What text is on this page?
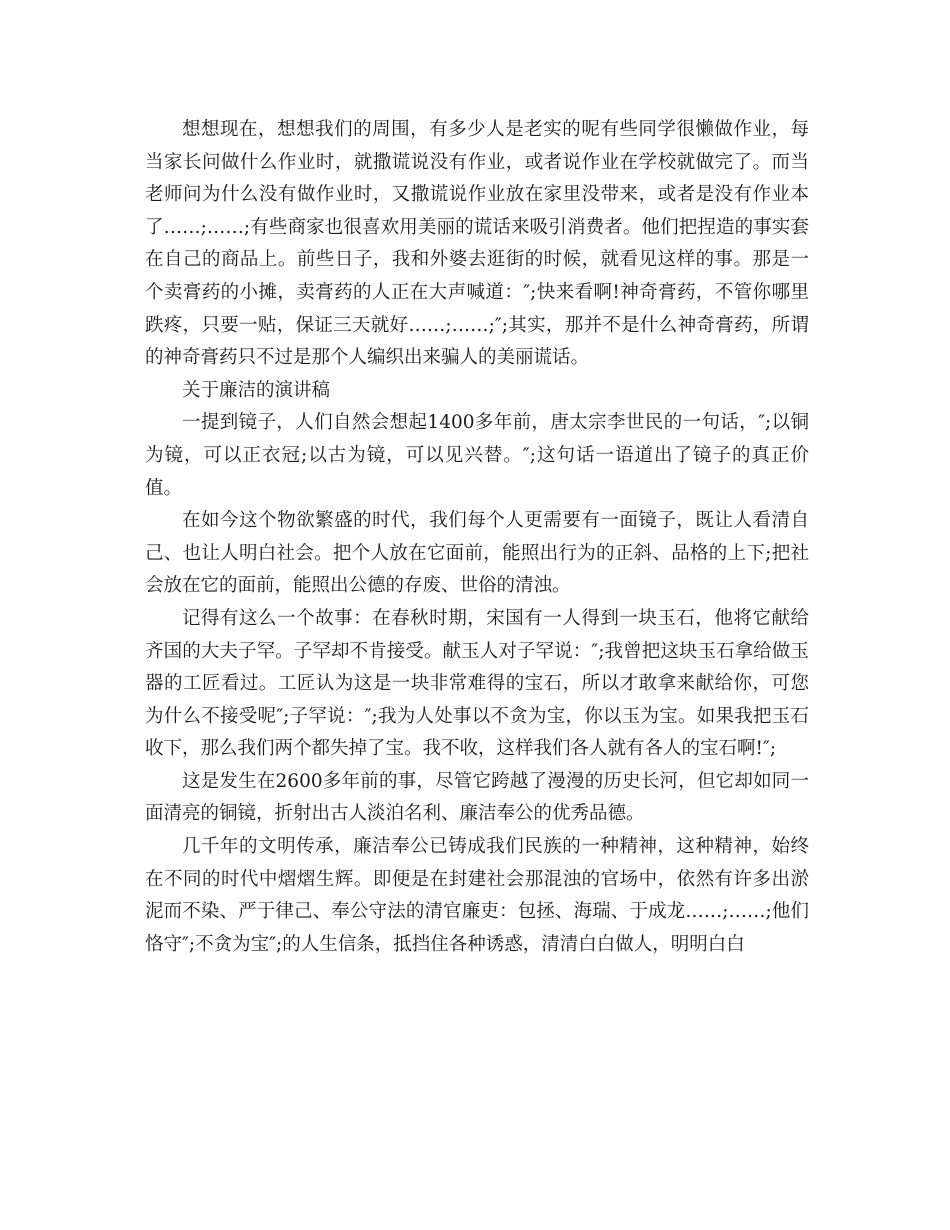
想想现在，想想我们的周围，有多少人是老实的呢有些同学很懒做作业，每当家长问做什么作业时，就撒谎说没有作业，或者说作业在学校就做完了。而当老师问为什么没有做作业时，又撒谎说作业放在家里没带来，或者是没有作业本了……;……;有些商家也很喜欢用美丽的谎话来吸引消费者。他们把捏造的事实套在自己的商品上。前些日子，我和外婆去逛街的时候，就看见这样的事。那是一个卖膏药的小摊，卖膏药的人正在大声喊道：″;快来看啊!神奇膏药，不管你哪里跌疼，只要一贴，保证三天就好……;……;″;其实，那并不是什么神奇膏药，所谓的神奇膏药只不过是那个人编织出来骗人的美丽谎话。

关于廉洁的演讲稿

一提到镜子，人们自然会想起1400多年前，唐太宗李世民的一句话，″;以铜为镜，可以正衣冠;以古为镜，可以见兴替。″;这句话一语道出了镜子的真正价值。

在如今这个物欲繁盛的时代，我们每个人更需要有一面镜子，既让人看清自己、也让人明白社会。把个人放在它面前，能照出行为的正斜、品格的上下;把社会放在它的面前，能照出公德的存废、世俗的清浊。

记得有这么一个故事：在春秋时期，宋国有一人得到一块玉石，他将它献给齐国的大夫子罕。子罕却不肯接受。献玉人对子罕说：″;我曾把这块玉石拿给做玉器的工匠看过。工匠认为这是一块非常难得的宝石，所以才敢拿来献给你，可您为什么不接受呢″;子罕说：″;我为人处事以不贪为宝，你以玉为宝。如果我把玉石收下，那么我们两个都失掉了宝。我不收，这样我们各人就有各人的宝石啊!″;

这是发生在2600多年前的事，尽管它跨越了漫漫的历史长河，但它却如同一面清亮的铜镜，折射出古人淡泊名利、廉洁奉公的优秀品德。

几千年的文明传承，廉洁奉公已铸成我们民族的一种精神，这种精神，始终在不同的时代中熠熠生辉。即便是在封建社会那混浊的官场中，依然有许多出淤泥而不染、严于律己、奉公守法的清官廉吏：包拯、海瑞、于成龙……;……;他们恪守″;不贪为宝″;的人生信条，抵挡住各种诱惑，清清白白做人，明明白白
